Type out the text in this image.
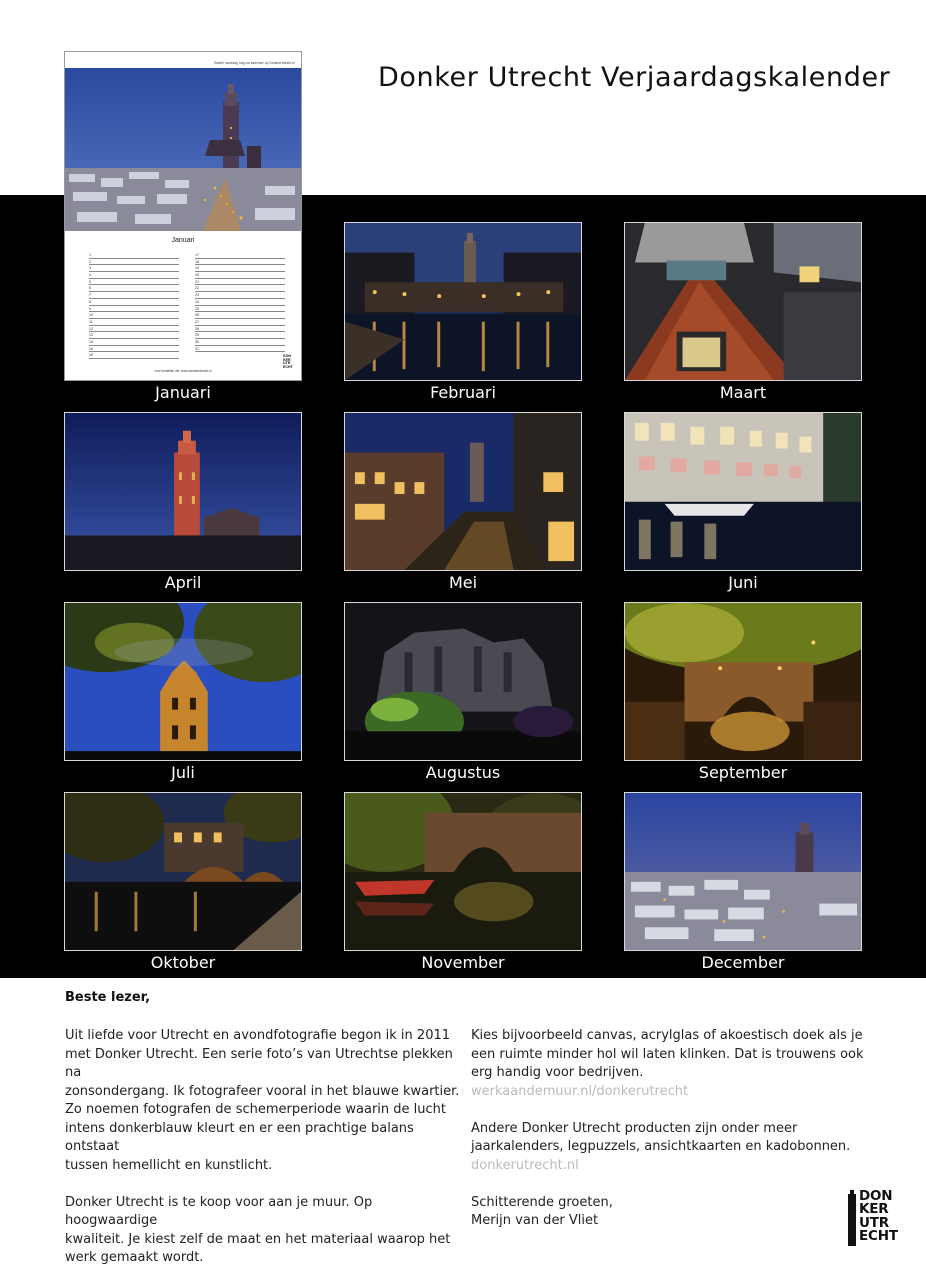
Donker Utrecht Verjaardagskalender
Bestel vandaag nog uw kalender op DonkerUtrecht.nl
Januari
1
2
3
4
5
6
7
8
9
10
11
12
13
14
15
16
17
18
19
20
21
22
23
24
25
26
27
28
29
30
31
voor bestellen zie: www.donkerutrecht.nl
DON
KER
UTR
ECHT
Januari	Februari	Maart
April	Mei	Juni
Juli	Augustus	September
Oktober	November	December
Beste lezer,

Uit liefde voor Utrecht en avondfotografie begon ik in 2011

met Donker Utrecht. Een serie foto’s van Utrechtse plekken na

zonsondergang. Ik fotografeer vooral in het blauwe kwartier.

Zo noemen fotografen de schemerperiode waarin de lucht

intens donkerblauw kleurt en er een prachtige balans ontstaat

tussen hemellicht en kunstlicht.

Donker Utrecht is te koop voor aan je muur. Op hoogwaardige

kwaliteit. Je kiest zelf de maat en het materiaal waarop het

werk gemaakt wordt.

Kies bijvoorbeeld canvas, acrylglas of akoestisch doek als je

een ruimte minder hol wil laten klinken. Dat is trouwens ook

erg handig voor bedrijven.

werkaandemuur.nl/donkerutrecht

Andere Donker Utrecht producten zijn onder meer

jaarkalenders, legpuzzels, ansichtkaarten en kadobonnen.

donkerutrecht.nl

Schitterende groeten,

Merijn van der Vliet

DON
KER
UTR
ECHT
